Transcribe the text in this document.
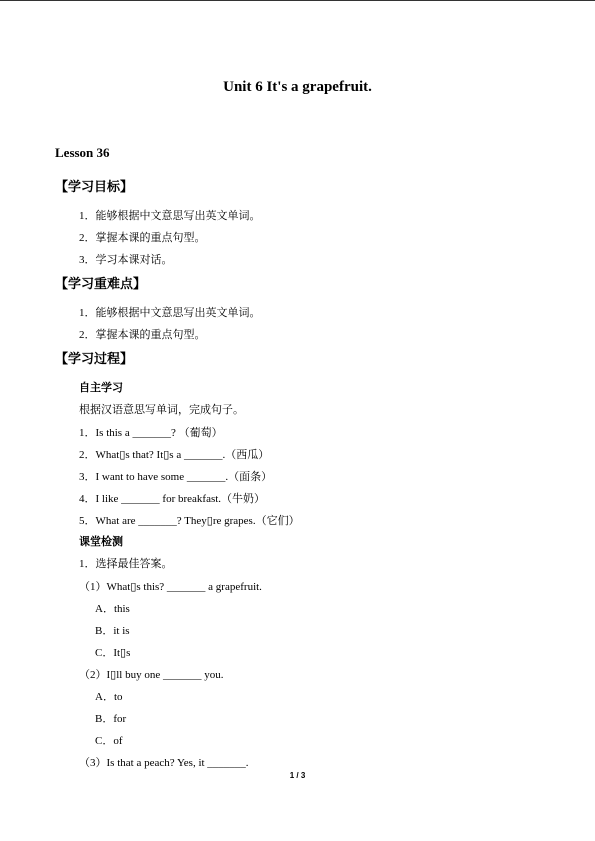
Unit 6 It's a grapefruit.
Lesson 36
【学习目标】
1．能够根据中文意思写出英文单词。
2．掌握本课的重点句型。
3．学习本课对话。
【学习重难点】
1．能够根据中文意思写出英文单词。
2．掌握本课的重点句型。
【学习过程】
自主学习
根据汉语意思写单词，完成句子。
1．Is this a _______? （葡萄）
2．What▯s that? It▯s a _______.（西瓜）
3．I want to have some _______.（面条）
4．I like _______ for breakfast.（牛奶）
5．What are _______? They▯re grapes.（它们）
课堂检测
1．选择最佳答案。
（1）What▯s this? _______ a grapefruit.
A．this
B．it is
C．It▯s
（2）I▯ll buy one _______ you.
A．to
B．for
C．of
（3）Is that a peach? Yes, it _______.
1 / 3
